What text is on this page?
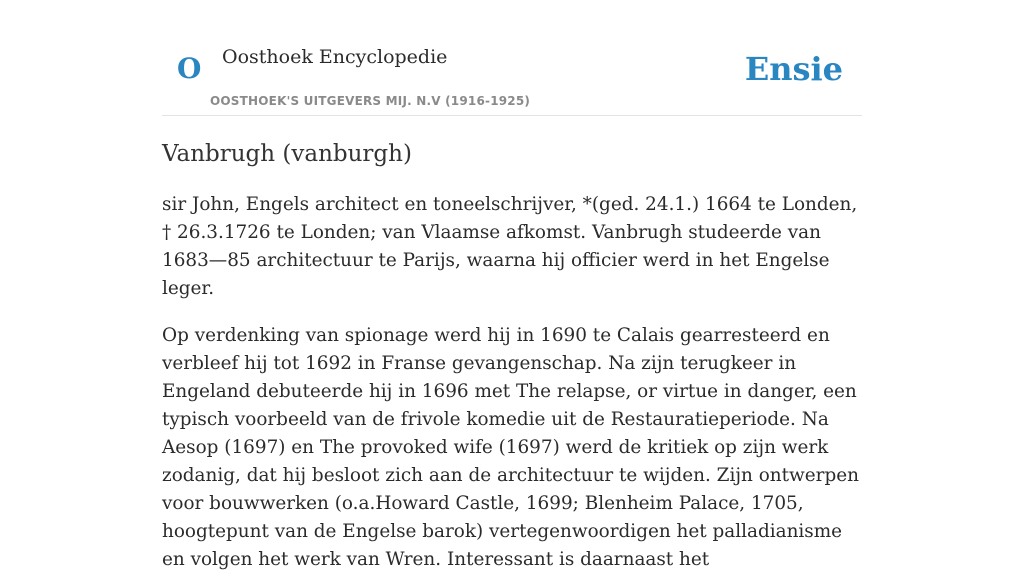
O Oosthoek Encyclopedie
OOSTHOEK'S UITGEVERS MIJ. N.V (1916-1925)
Ensie
Vanbrugh (vanburgh)

sir John, Engels architect en toneelschrijver, *(ged. 24.1.) 1664 te Londen, † 26.3.1726 te Londen; van Vlaamse afkomst. Vanbrugh studeerde van 1683—85 architectuur te Parijs, waarna hij officier werd in het Engelse leger.

Op verdenking van spionage werd hij in 1690 te Calais gearresteerd en verbleef hij tot 1692 in Franse gevangenschap. Na zijn terugkeer in Engeland debuteerde hij in 1696 met The relapse, or virtue in danger, een typisch voorbeeld van de frivole komedie uit de Restauratieperiode. Na Aesop (1697) en The provoked wife (1697) werd de kritiek op zijn werk zodanig, dat hij besloot zich aan de architectuur te wijden. Zijn ontwerpen voor bouwwerken (o.a.Howard Castle, 1699; Blenheim Palace, 1705, hoogtepunt van de Engelse barok) vertegenwoordigen het palladianisme en volgen het werk van Wren. Interessant is daarnaast het
